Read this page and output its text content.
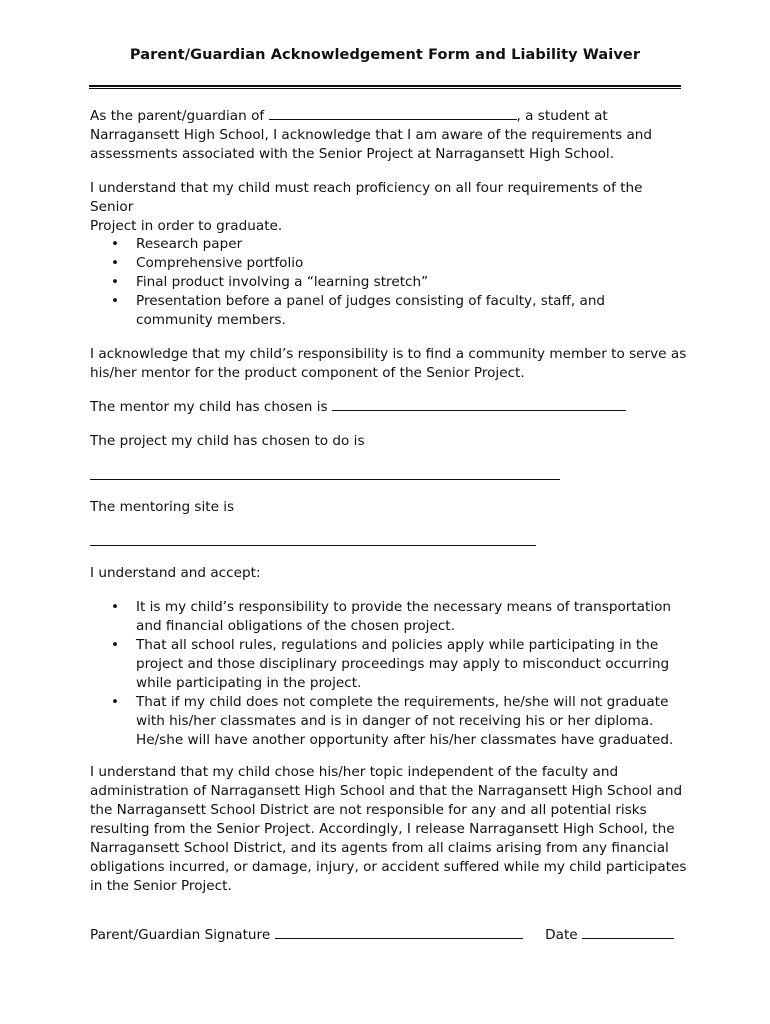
Parent/Guardian Acknowledgement Form and Liability Waiver

As the parent/guardian of	, a student at

Narragansett High School, I acknowledge that I am aware of the requirements and

assessments associated with the Senior Project at Narragansett High School.

I understand that my child must reach proficiency on all four requirements of the Senior

Project in order to graduate.

• Research paper
• Comprehensive portfolio
• Final product involving a “learning stretch”
• Presentation before a panel of judges consisting of faculty, staff, and
community members.

I acknowledge that my child’s responsibility is to find a community member to serve as

his/her mentor for the product component of the Senior Project.

The mentor my child has chosen is
The project my child has chosen to do is
The mentoring site is
I understand and accept:
• It is my child’s responsibility to provide the necessary means of transportation
and financial obligations of the chosen project.
• That all school rules, regulations and policies apply while participating in the
project and those disciplinary proceedings may apply to misconduct occurring
while participating in the project.
• That if my child does not complete the requirements, he/she will not graduate
with his/her classmates and is in danger of not receiving his or her diploma.
He/she will have another opportunity after his/her classmates have graduated.

I understand that my child chose his/her topic independent of the faculty and

administration of Narragansett High School and that the Narragansett High School and

the Narragansett School District are not responsible for any and all potential risks

resulting from the Senior Project. Accordingly, I release Narragansett High School, the

Narragansett School District, and its agents from all claims arising from any financial

obligations incurred, or damage, injury, or accident suffered while my child participates

in the Senior Project.

Parent/Guardian Signature	Date
